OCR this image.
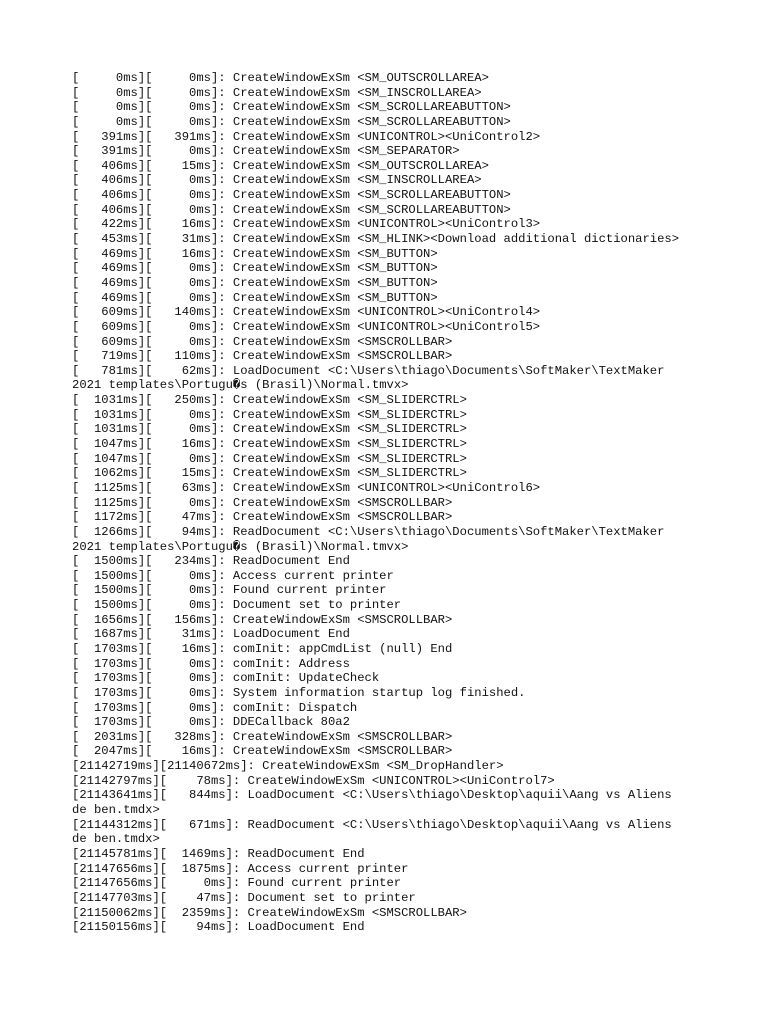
[     0ms][     0ms]: CreateWindowExSm <SM_OUTSCROLLAREA>
[     0ms][     0ms]: CreateWindowExSm <SM_INSCROLLAREA>
[     0ms][     0ms]: CreateWindowExSm <SM_SCROLLAREABUTTON>
[     0ms][     0ms]: CreateWindowExSm <SM_SCROLLAREABUTTON>
[   391ms][   391ms]: CreateWindowExSm <UNICONTROL><UniControl2>
[   391ms][     0ms]: CreateWindowExSm <SM_SEPARATOR>
[   406ms][    15ms]: CreateWindowExSm <SM_OUTSCROLLAREA>
[   406ms][     0ms]: CreateWindowExSm <SM_INSCROLLAREA>
[   406ms][     0ms]: CreateWindowExSm <SM_SCROLLAREABUTTON>
[   406ms][     0ms]: CreateWindowExSm <SM_SCROLLAREABUTTON>
[   422ms][    16ms]: CreateWindowExSm <UNICONTROL><UniControl3>
[   453ms][    31ms]: CreateWindowExSm <SM_HLINK><Download additional dictionaries>
[   469ms][    16ms]: CreateWindowExSm <SM_BUTTON>
[   469ms][     0ms]: CreateWindowExSm <SM_BUTTON>
[   469ms][     0ms]: CreateWindowExSm <SM_BUTTON>
[   469ms][     0ms]: CreateWindowExSm <SM_BUTTON>
[   609ms][   140ms]: CreateWindowExSm <UNICONTROL><UniControl4>
[   609ms][     0ms]: CreateWindowExSm <UNICONTROL><UniControl5>
[   609ms][     0ms]: CreateWindowExSm <SMSCROLLBAR>
[   719ms][   110ms]: CreateWindowExSm <SMSCROLLBAR>
[   781ms][    62ms]: LoadDocument <C:\Users\thiago\Documents\SoftMaker\TextMaker
2021 templates\Portugu�s (Brasil)\Normal.tmvx>
[  1031ms][   250ms]: CreateWindowExSm <SM_SLIDERCTRL>
[  1031ms][     0ms]: CreateWindowExSm <SM_SLIDERCTRL>
[  1031ms][     0ms]: CreateWindowExSm <SM_SLIDERCTRL>
[  1047ms][    16ms]: CreateWindowExSm <SM_SLIDERCTRL>
[  1047ms][     0ms]: CreateWindowExSm <SM_SLIDERCTRL>
[  1062ms][    15ms]: CreateWindowExSm <SM_SLIDERCTRL>
[  1125ms][    63ms]: CreateWindowExSm <UNICONTROL><UniControl6>
[  1125ms][     0ms]: CreateWindowExSm <SMSCROLLBAR>
[  1172ms][    47ms]: CreateWindowExSm <SMSCROLLBAR>
[  1266ms][    94ms]: ReadDocument <C:\Users\thiago\Documents\SoftMaker\TextMaker
2021 templates\Portugu�s (Brasil)\Normal.tmvx>
[  1500ms][   234ms]: ReadDocument End
[  1500ms][     0ms]: Access current printer
[  1500ms][     0ms]: Found current printer
[  1500ms][     0ms]: Document set to printer
[  1656ms][   156ms]: CreateWindowExSm <SMSCROLLBAR>
[  1687ms][    31ms]: LoadDocument End
[  1703ms][    16ms]: comInit: appCmdList (null) End
[  1703ms][     0ms]: comInit: Address
[  1703ms][     0ms]: comInit: UpdateCheck
[  1703ms][     0ms]: System information startup log finished.
[  1703ms][     0ms]: comInit: Dispatch
[  1703ms][     0ms]: DDECallback 80a2
[  2031ms][   328ms]: CreateWindowExSm <SMSCROLLBAR>
[  2047ms][    16ms]: CreateWindowExSm <SMSCROLLBAR>
[21142719ms][21140672ms]: CreateWindowExSm <SM_DropHandler>
[21142797ms][    78ms]: CreateWindowExSm <UNICONTROL><UniControl7>
[21143641ms][   844ms]: LoadDocument <C:\Users\thiago\Desktop\aquii\Aang vs Aliens
de ben.tmdx>
[21144312ms][   671ms]: ReadDocument <C:\Users\thiago\Desktop\aquii\Aang vs Aliens
de ben.tmdx>
[21145781ms][  1469ms]: ReadDocument End
[21147656ms][  1875ms]: Access current printer
[21147656ms][     0ms]: Found current printer
[21147703ms][    47ms]: Document set to printer
[21150062ms][  2359ms]: CreateWindowExSm <SMSCROLLBAR>
[21150156ms][    94ms]: LoadDocument End
